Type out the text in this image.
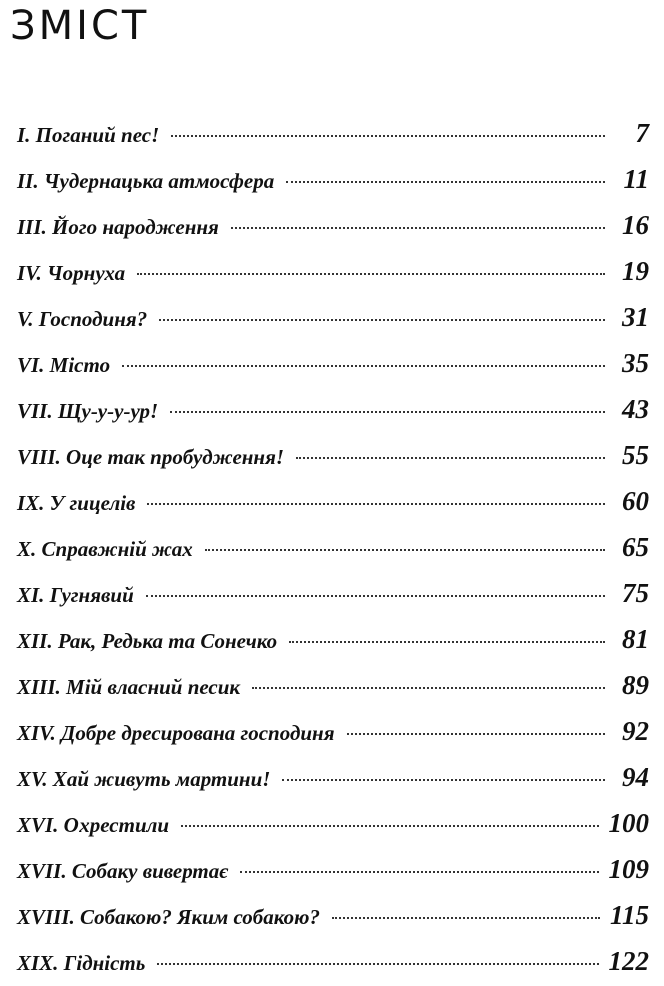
ЗМІСТ
I. Поганий пес!	7
II. Чудернацька атмосфера	11
III. Його народження	16
IV. Чорнуха	19
V. Господиня?	31
VI. Місто	35
VII. Щу-у-у-ур!	43
VIII. Оце так пробудження!	55
IX. У гицелів	60
X. Справжній жах	65
XI. Гугнявий	75
XII. Рак, Редька та Сонечко	81
XIII. Мій власний песик	89
XIV. Добре дресирована господиня	92
XV. Хай живуть мартини!	94
XVI. Охрестили	100
XVII. Собаку вивертає	109
XVIII. Собакою? Яким собакою?	115
XIX. Гідність	122
